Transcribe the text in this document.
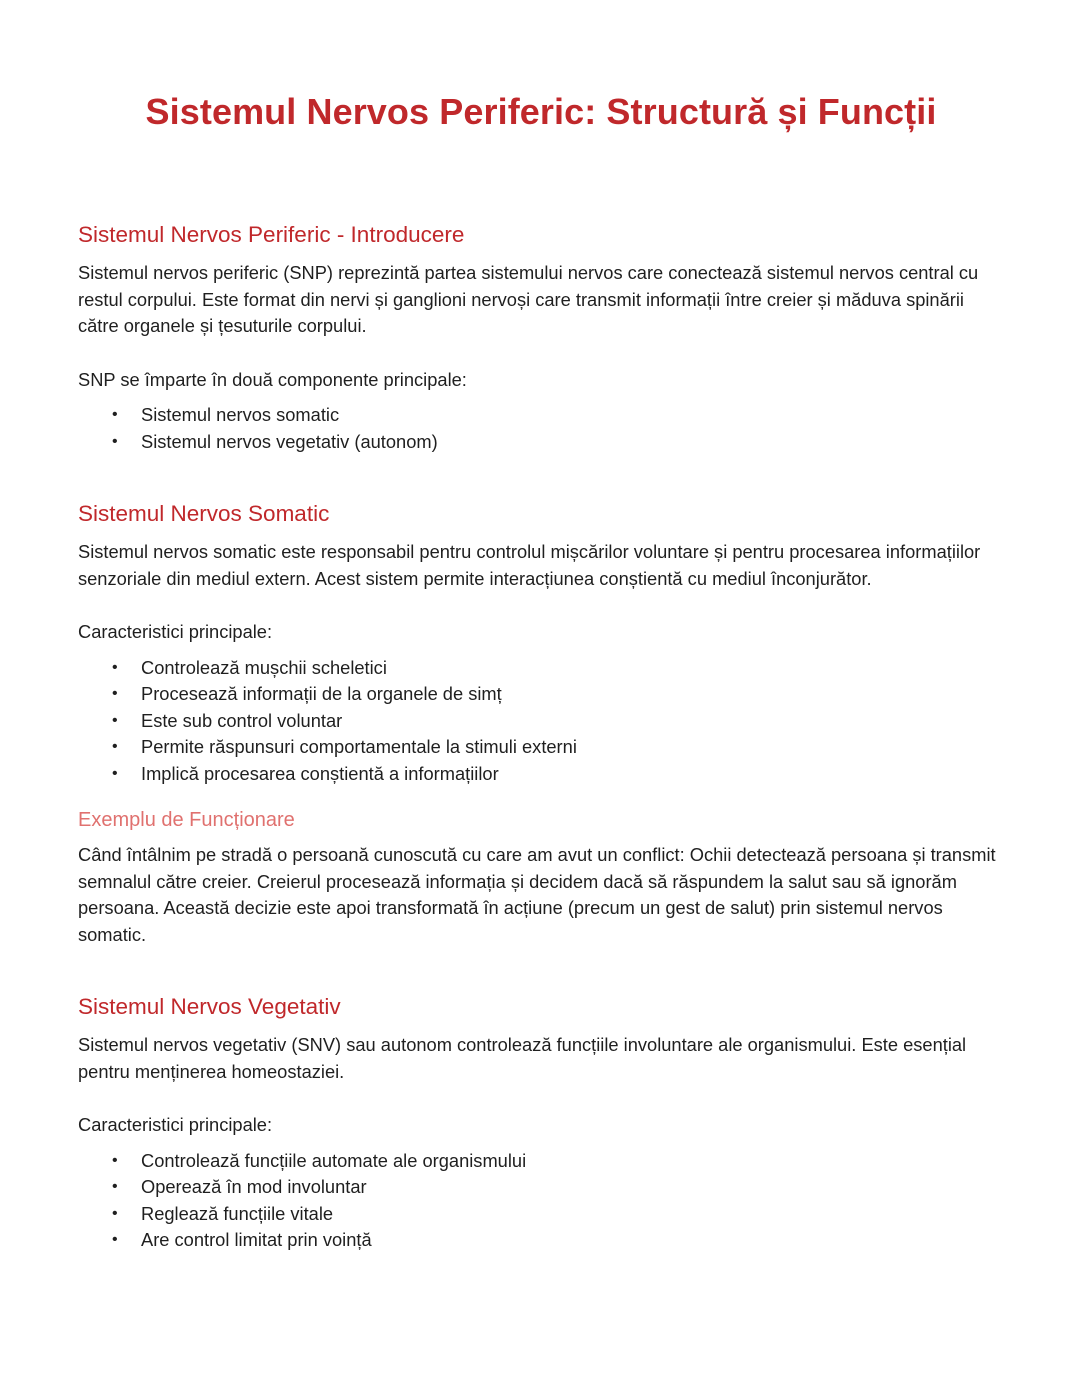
Sistemul Nervos Periferic: Structură și Funcții
Sistemul Nervos Periferic - Introducere

Sistemul nervos periferic (SNP) reprezintă partea sistemului nervos care conectează sistemul nervos central cu restul corpului. Este format din nervi și ganglioni nervoși care transmit informații între creier și măduva spinării către organele și țesuturile corpului.

SNP se împarte în două componente principale:

• Sistemul nervos somatic
• Sistemul nervos vegetativ (autonom)
Sistemul Nervos Somatic

Sistemul nervos somatic este responsabil pentru controlul mișcărilor voluntare și pentru procesarea informațiilor senzoriale din mediul extern. Acest sistem permite interacțiunea conștientă cu mediul înconjurător.

Caracteristici principale:

• Controlează mușchii scheletici
• Procesează informații de la organele de simț
• Este sub control voluntar
• Permite răspunsuri comportamentale la stimuli externi
• Implică procesarea conștientă a informațiilor
Exemplu de Funcționare

Când întâlnim pe stradă o persoană cunoscută cu care am avut un conflict: Ochii detectează persoana și transmit semnalul către creier. Creierul procesează informația și decidem dacă să răspundem la salut sau să ignorăm persoana. Această decizie este apoi transformată în acțiune (precum un gest de salut) prin sistemul nervos somatic.

Sistemul Nervos Vegetativ

Sistemul nervos vegetativ (SNV) sau autonom controlează funcțiile involuntare ale organismului. Este esențial pentru menținerea homeostaziei.

Caracteristici principale:

• Controlează funcțiile automate ale organismului
• Operează în mod involuntar
• Reglează funcțiile vitale
• Are control limitat prin voință
